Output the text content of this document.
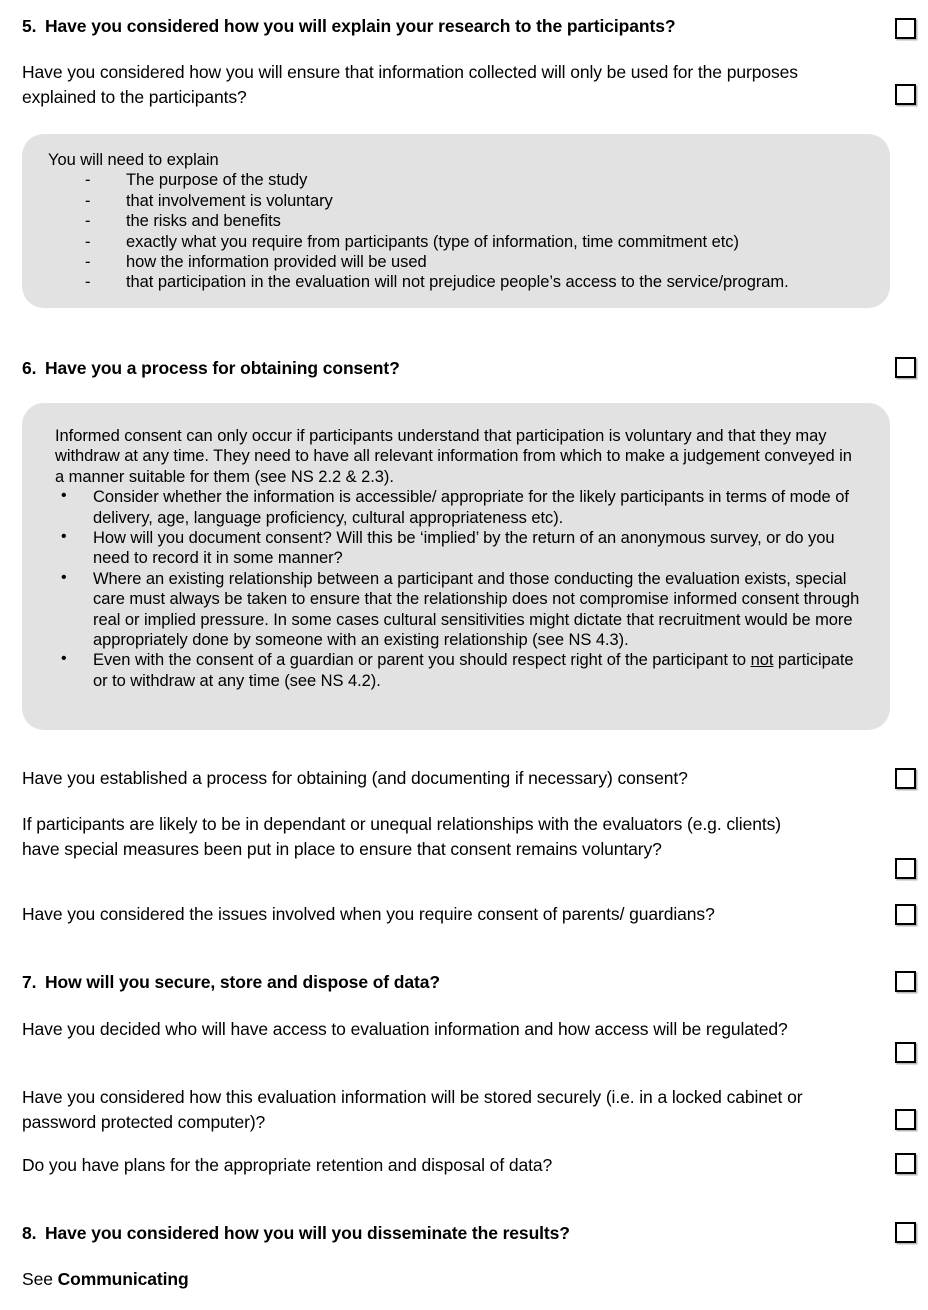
5. Have you considered how you will explain your research to the participants?
Have you considered how you will ensure that information collected will only be used for the purposes explained to the participants?
You will need to explain
- The purpose of the study
- that involvement is voluntary
- the risks and benefits
- exactly what you require from participants (type of information, time commitment etc)
- how the information provided will be used
- that participation in the evaluation will not prejudice people’s access to the service/program.
6. Have you a process for obtaining consent?
Informed consent can only occur if participants understand that participation is voluntary and that they may withdraw at any time. They need to have all relevant information from which to make a judgement conveyed in a manner suitable for them (see NS 2.2 & 2.3).
• Consider whether the information is accessible/ appropriate for the likely participants in terms of mode of delivery, age, language proficiency, cultural appropriateness etc).
• How will you document consent? Will this be ‘implied’ by the return of an anonymous survey, or do you need to record it in some manner?
• Where an existing relationship between a participant and those conducting the evaluation exists, special care must always be taken to ensure that the relationship does not compromise informed consent through real or implied pressure. In some cases cultural sensitivities might dictate that recruitment would be more appropriately done by someone with an existing relationship (see NS 4.3).
• Even with the consent of a guardian or parent you should respect right of the participant to not participate or to withdraw at any time (see NS 4.2).
Have you established a process for obtaining (and documenting if necessary) consent?
If participants are likely to be in dependant or unequal relationships with the evaluators (e.g. clients) have special measures been put in place to ensure that consent remains voluntary?
Have you considered the issues involved when you require consent of parents/ guardians?
7. How will you secure, store and dispose of data?
Have you decided who will have access to evaluation information and how access will be regulated?
Have you considered how this evaluation information will be stored securely (i.e. in a locked cabinet or password protected computer)?
Do you have plans for the appropriate retention and disposal of data?
8. Have you considered how you will you disseminate the results?
See Communicating
